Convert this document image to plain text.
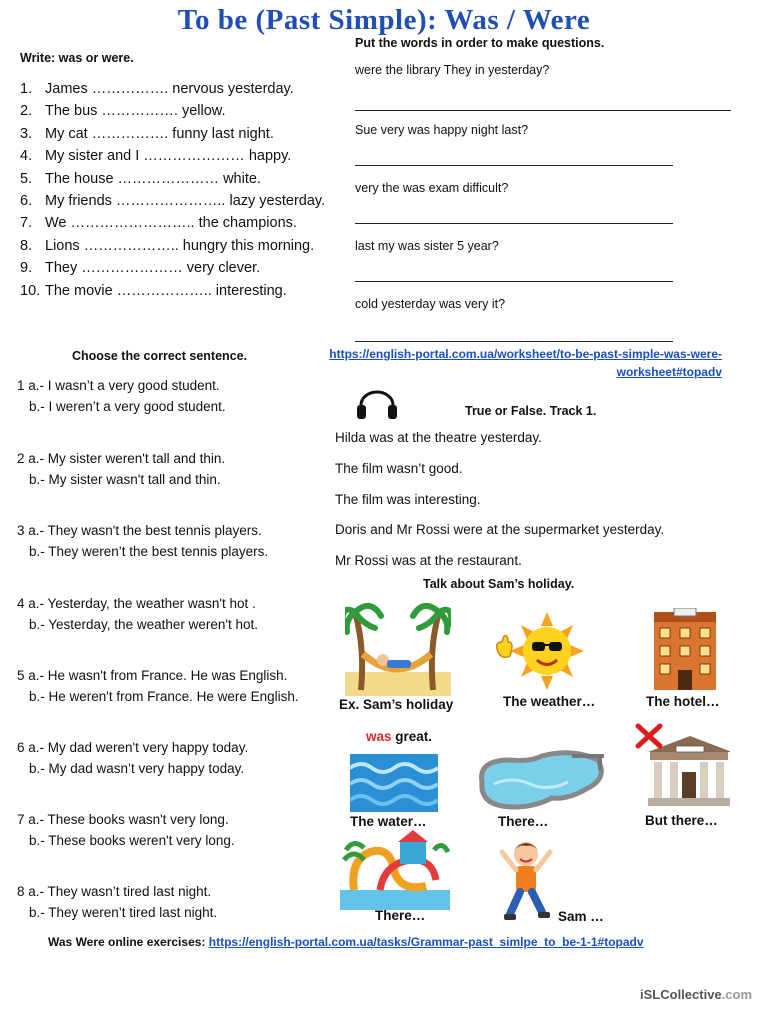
To be (Past Simple): Was / Were
Write: was or were.
1. James ……………. nervous yesterday.
2. The bus ……………. yellow.
3. My cat ……………. funny last night.
4. My sister and I ………………… happy.
5. The house ………………… white.
6. My friends ………………….. lazy yesterday.
7. We …………………….. the champions.
8. Lions ……………….. hungry this morning.
9. They ………………… very clever.
10. The movie ……………….. interesting.
Put the words in order to make questions.
were the library They in yesterday?
Sue very was happy night last?
very the was exam difficult?
last my was sister 5 year?
cold yesterday was very it?
Choose the correct sentence.
1 a.- I wasn’t a very good student.
b.- I weren’t a very good student.
2 a.- My sister weren't tall and thin.
b.- My sister wasn't tall and thin.
3 a.- They wasn't the best tennis players.
b.- They weren’t the best tennis players.
4 a.- Yesterday, the weather wasn't hot .
b.- Yesterday, the weather weren't hot.
5 a.- He wasn't from France. He was English.
b.- He weren't from France. He were English.
6 a.- My dad weren't very happy today.
b.- My dad wasn’t very happy today.
7 a.- These books wasn't very long.
b.- These books weren't very long.
8 a.- They wasn’t tired last night.
b.- They weren’t tired last night.
https://english-portal.com.ua/worksheet/to-be-past-simple-was-were-
worksheet#topadv
True or False. Track 1.
Hilda was at the theatre yesterday.
The film wasn’t good.
The film was interesting.
Doris and Mr Rossi were at the supermarket yesterday.
Mr Rossi was at the restaurant.
Talk about Sam’s holiday.
Ex. Sam’s holiday
was great.
The weather…	The hotel…
The water…	There…	But there…
There…	Sam …
Was Were online exercises: https://english-portal.com.ua/tasks/Grammar-past_simlpe_to_be-1-1#topadv
iSLCollective.com
